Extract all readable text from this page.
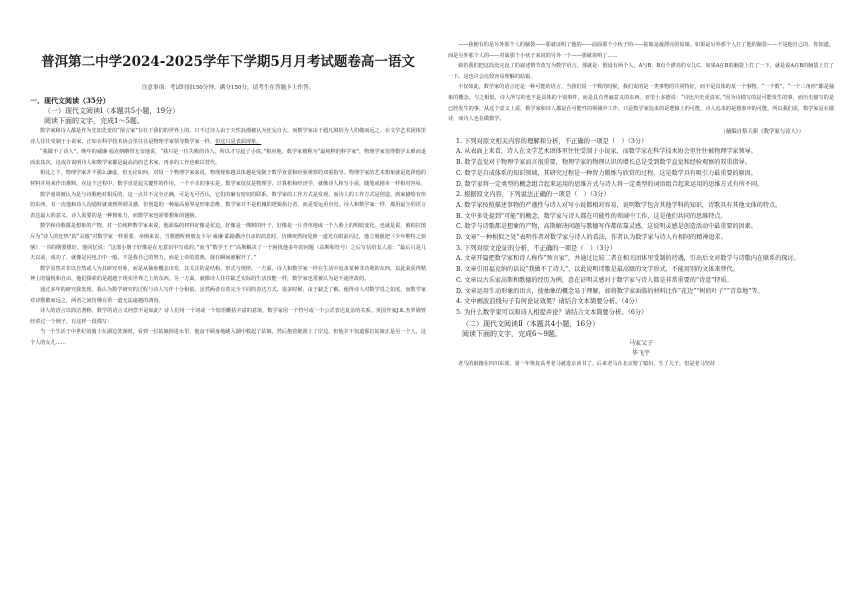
普洱第二中学2024-2025学年下学期5月月考试题卷高一语文
注意事项：考试时间150分钟，满分150分，请考生在答题卡上作答。
一、现代文阅读（35分）
（一）现代文阅读Ⅰ（本题共5小题，19分）
阅读下面的文字，完成1～5题。

数学家和诗人都是作为先知先觉的“预言家”存在于我们的世界上的。只不过诗人由于天性浪漫被认为狂妄自大，而数学家由于超凡脱俗为人们敬而远之。在文学艺术团体里诗人往往受制于小说家，正如在科学技术协会里往往是物理学家领导数学家一样。但这只是表面现象。

“我做不了诗人”，晚年的威廉·福克纳略带无奈地说，“我只是一位失败的诗人，所以才写起了小说。”相应地，数学家被称为“最纯粹的科学家”，物理学家觉得数学太难而退而求其次。这或许说明诗人和数学家都是最高尚的艺术家，再多的工作也难以替代。

相比之下，物理学家并不那么谦虚，但无论如何，对每一个物理学家来说，物理现象越具体越是受制于数学直觉和经验观察的双重指导。物理学家的艺术想象就是选择他的材料并用来作出推断。在这个过程中，数学直觉起关键性的作用。一个不幸的事实是，数学家仅仅是物理学、计算机和经济学，就像诗人和写小说，随笔或剧本一样相对容易。

数学通常被认为是与诗歌绝对相反的，这一点并不完全正确，可是无可否认，它们的确有密切的联系。数学家的工作方式是发现，而诗人的工作方式是创造。画家描绘有形的东西，有一次他和诗人沟通时就谈到所谓灵感，但创造的一种最高境界是形象思维，数学家并不是机械的逻辑执行者，而是要运用直觉。诗人和数学家一样，都用最少的语言表达最大的意义。诗人需要的是一种想象力，而数学家也需要想象的翅膀。

数学和诗歌都是想象的产物。对一位纯粹数学家来说，他面临的材料好像是花边，好像是一棵树的叶子，好像是一片青草地或一个人脸上的明暗变化。也就是说，被柏拉图斥为“诗人的狂热”的“灵感”对数学家一样重要。举例来说，当歌德听到朋友卡尔·威廉·耶路撒冷自杀的消息时，仿佛突然间见到一道光在眼前闪过，他立刻就把《少年维特之烦恼》一书的纲要想好。他回忆说：“这部小册子好像是在无意识中写成的。”而当“数学王子”高斯解决了一个困扰他多年的问题（高斯和符号）之后写信给友人说：“最后只是几天以前，成功了，就像是闪电击中一般，不是我自己的努力，而是上帝的恩典。谜在瞬间被解开了。”

数学显然并非以自然或人为其研究对象，而是从抽象概念出发，其关注的是结构、形式与规律。一方面，诗人和数学家一样在生活中追求某种非功利的东西，以此来获得精神上的愉悦和自由，他们探索的是超越于现实世界之上的东西。另一方面，就像诗人往往缺乏实际的生活技能一样，数学家也常被认为是不通世故的。

通过多年的研究我发现，我认为数学研究的过程与诗人写作十分相似，虽然两者有着完全不同的表达方式。很多时候，由于缺乏了解，使得诗人对数学畏之如虎，而数学家对诗歌敬而远之，两者之间仿佛有着一道无法逾越的鸿沟。

诗人的语言以简洁著称，数学的语言又何尝不是如此？诗人们用一个词或一个短语概括丰富的意境，数学家用一个符号或一个公式表达复杂的关系。英国作家J.K.杰罗姆曾经讲过一个例子，有这样一段描写：

当一个生活于中世纪的骑士在湖边洗澡时，看到一位姑娘掉进水里，他奋不顾身地跳入湖中救起了姑娘，然后抱着她游上了岸边，但他并不知道那位姑娘正是另一个人，这个人的女儿……

——我拥有的是另外那个人的脑袋——那就证明了他的——前面那个小伙子的——姑娘是最漂亮的姑娘。如果是另外那个人打了他的脑袋——不是他自己的，你知道，而是另外那个人的——对面那个小伙子来说的另外一个——那就说明了……

倘若我们把这段没完没了的叙述情节改写为数学语言，那就是：假设有两个人，A与B，B有个漂亮的女儿C。如果A在B的脑袋上打了一下，就是说A在B的脑袋上打了一下。这也许会比较容易理解的姑娘。

不仅如此，数学家的语言还是一种可能的语言，当我们说一个数的时候，我们说的是一类事物的共同特征，而不是具体的某一个事物。“一个数”、“一个三角形”都是抽象的概念。与之相似，诗人所写的也不是具体的个别事件，而是具有普遍意义的东西。亚里士多德说：“诗比历史更真实。”因为诗描写的是可能发生的事，而历史描写的是已经发生的事。从这个意义上说，数学家和诗人都是在可能性的领域中工作，只是数学家追求的是逻辑上的可能，诗人追求的是想象中的可能。所以我们说，数学家是在做诗，而诗人也在做数学。

（摘编自蔡天新《数学家与诗人》）
1. 下列对原文相关内容的理解和分析，不正确的一项是（　）（3分）
A. 从表面上来看，诗人在文学艺术团体里往往受制于小说家，而数学家在科学技术协会里往往被物理学家领导。
B. 数学直觉对于物理学家而言很重要，物理学家的物理认识的增长总是受到数学直觉和经验观察的双重指导。
C. 数学是自成体系的知识领域，其研究过程是一种智力锻炼与欣赏的过程，这是数学具有吸引力最重要的原因。
D. 数学家将一定类型的概念组合起来运用的思维方式与诗人将一定类型的词语组合起来运用的思维方式有所不同。
2. 根据原文内容，下列说法正确的一项是（　）（3分）
A. 数学家按照描述事物的严谨性与诗人对写小说都相对容易，说明数学包含其他学科的知识，诗歌具有其他文体的特点。
B. 文中多处提到“可能”的概念，数学家与诗人都在可能性的领域中工作，这是他们共同的思维特点。
C. 数学与诗歌都是想象的产物，高斯解决问题与歌德写作都依靠灵感，这说明灵感是创造活动中最重要的因素。
D. 文章“一种相似之处”表明作者对数学家与诗人的看法，作者认为数学家与诗人有相同的精神追求。
3. 下列对原文论证的分析，不正确的一项是（　）（3分）
A. 文章开篇把数学家和诗人称作“预言家”，并通过比较二者在相关团体里受制的待遇，引出后文对数学与诗歌内在联系的探讨。
B. 文章引用福克纳的话说“我做不了诗人”，以此说明诗歌是最高级的文学形式，不能用别的文体来替代。
C. 文章以古乐家高斯和歌德的经历为例，意在证明灵感对于数学家与诗人都是非常重要的“诗意”特质。
D. 文章运用生动形象的语言，使抽象的概念易于理解，如将数学家面临的材料比作“花边”“树的叶子”“青草地”等。
4. 文中画波浪线句子有何论证效果？请结合文本简要分析。（4分）
5. 为什么数学家可以和诗人相提并论？请结合文本简要分析。（6分）
（二）现代文阅读Ⅱ（本题共4小题，16分）
阅读下面的文字，完成6～9题。
马家父子
毕飞宇

老马的祖籍在四川东部，第一年恢复高考老马就进京读书了。后来老马在北京娶了媳妇，生了儿子。但是老马坚持
